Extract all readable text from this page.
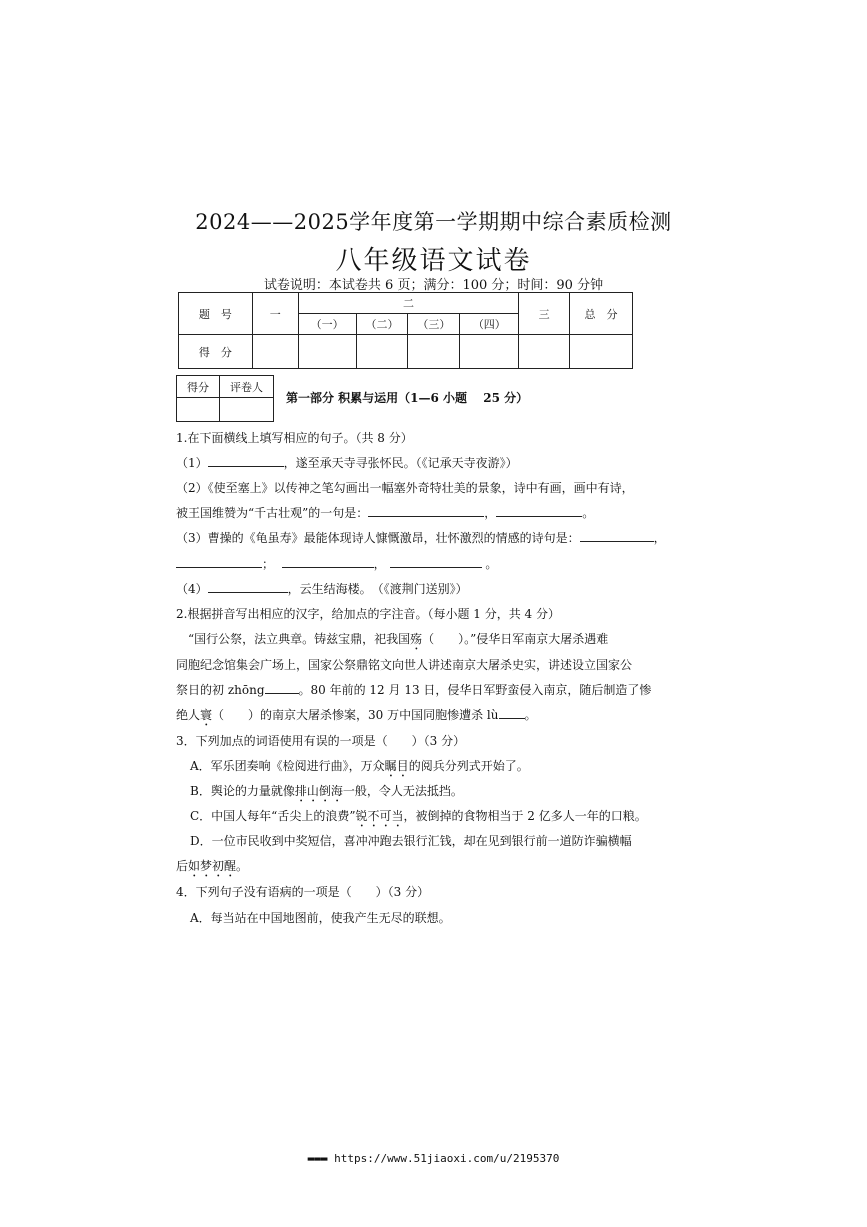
2024——2025学年度第一学期期中综合素质检测
八年级语文试卷
试卷说明：本试卷共 6 页；满分：100 分；时间：90 分钟
题　号	一	二				三	总　分
		（一）	（二）	（三）	（四）		
得　分							
得分	评卷人

第一部分 积累与运用（1—6 小题　 25 分）
1.在下面横线上填写相应的句子。（共 8 分）
（1）	，遂至承天寺寻张怀民。（《记承天寺夜游》）
（2）《使至塞上》以传神之笔勾画出一幅塞外奇特壮美的景象，诗中有画，画中有诗，
被王国维赞为“千古壮观”的一句是：	，	。
（3）曹操的《龟虽寿》最能体现诗人慷慨激昂，壮怀激烈的情感的诗句是：	，
；	，	。
（4）	，云生结海楼。　（《渡荆门送别》）
2.根据拼音写出相应的汉字，给加点的字注音。（每小题 1 分，共 4 分）
　“国行公祭，法立典章。铸兹宝鼎，祀我国殇（　　）。”侵华日军南京大屠杀遇难
同胞纪念馆集会广场上，国家公祭鼎铭文向世人讲述南京大屠杀史实，讲述设立国家公
祭日的初 zhōng	。80 年前的 12 月 13 日，侵华日军野蛮侵入南京，随后制造了惨
绝人寰（　　）的南京大屠杀惨案，30 万中国同胞惨遭杀 lù 。
3．下列加点的词语使用有误的一项是（　　）（3 分）
A．军乐团奏响《检阅进行曲》，万众瞩目的阅兵分列式开始了。
B．舆论的力量就像排山倒海一般，令人无法抵挡。
C．中国人每年“舌尖上的浪费”锐不可当，被倒掉的食物相当于 2 亿多人一年的口粮。
D．一位市民收到中奖短信，喜冲冲跑去银行汇钱，却在见到银行前一道防诈骗横幅
后如梦初醒。
4．下列句子没有语病的一项是（　　）（3 分）
A．每当站在中国地图前，使我产生无尽的联想。
▬▬▬ https://www.51jiaoxi.com/u/2195370
